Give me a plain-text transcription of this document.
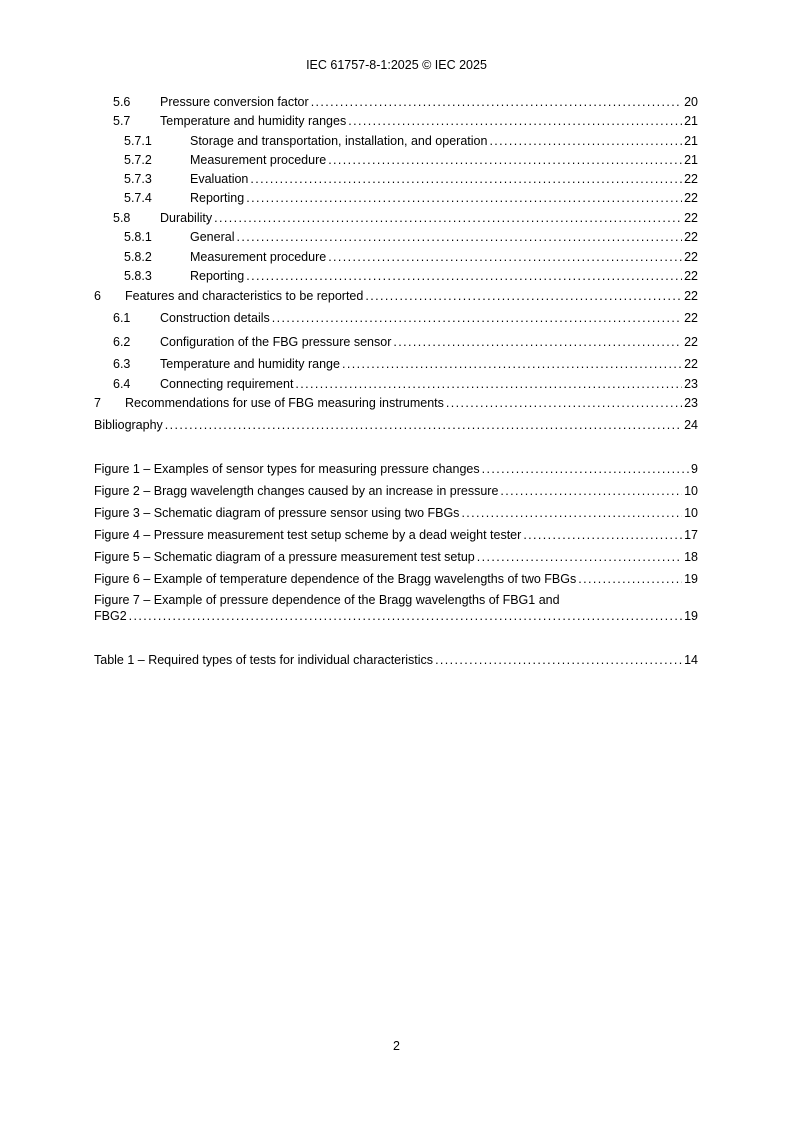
IEC 61757-8-1:2025 © IEC 2025
5.6	Pressure conversion factor .....	20
5.7	Temperature and humidity ranges .....	21
5.7.1	Storage and transportation, installation, and operation .....	21
5.7.2	Measurement procedure .....	21
5.7.3	Evaluation .....	22
5.7.4	Reporting .....	22
5.8	Durability .....	22
5.8.1	General .....	22
5.8.2	Measurement procedure .....	22
5.8.3	Reporting .....	22
6	Features and characteristics to be reported .....	22
6.1	Construction details .....	22
6.2	Configuration of the FBG pressure sensor .....	22
6.3	Temperature and humidity range .....	22
6.4	Connecting requirement .....	23
7	Recommendations for use of FBG measuring instruments .....	23
Bibliography .....	24
Figure 1 – Examples of sensor types for measuring pressure changes .....	9
Figure 2 – Bragg wavelength changes caused by an increase in pressure .....	10
Figure 3 – Schematic diagram of pressure sensor using two FBGs .....	10
Figure 4 – Pressure measurement test setup scheme by a dead weight tester .....	17
Figure 5 – Schematic diagram of a pressure measurement test setup .....	18
Figure 6 – Example of temperature dependence of the Bragg wavelengths of two FBGs .....	19
Figure 7 – Example of pressure dependence of the Bragg wavelengths of FBG1 and
FBG2 .....	19
Table 1 – Required types of tests for individual characteristics .....	14
2
